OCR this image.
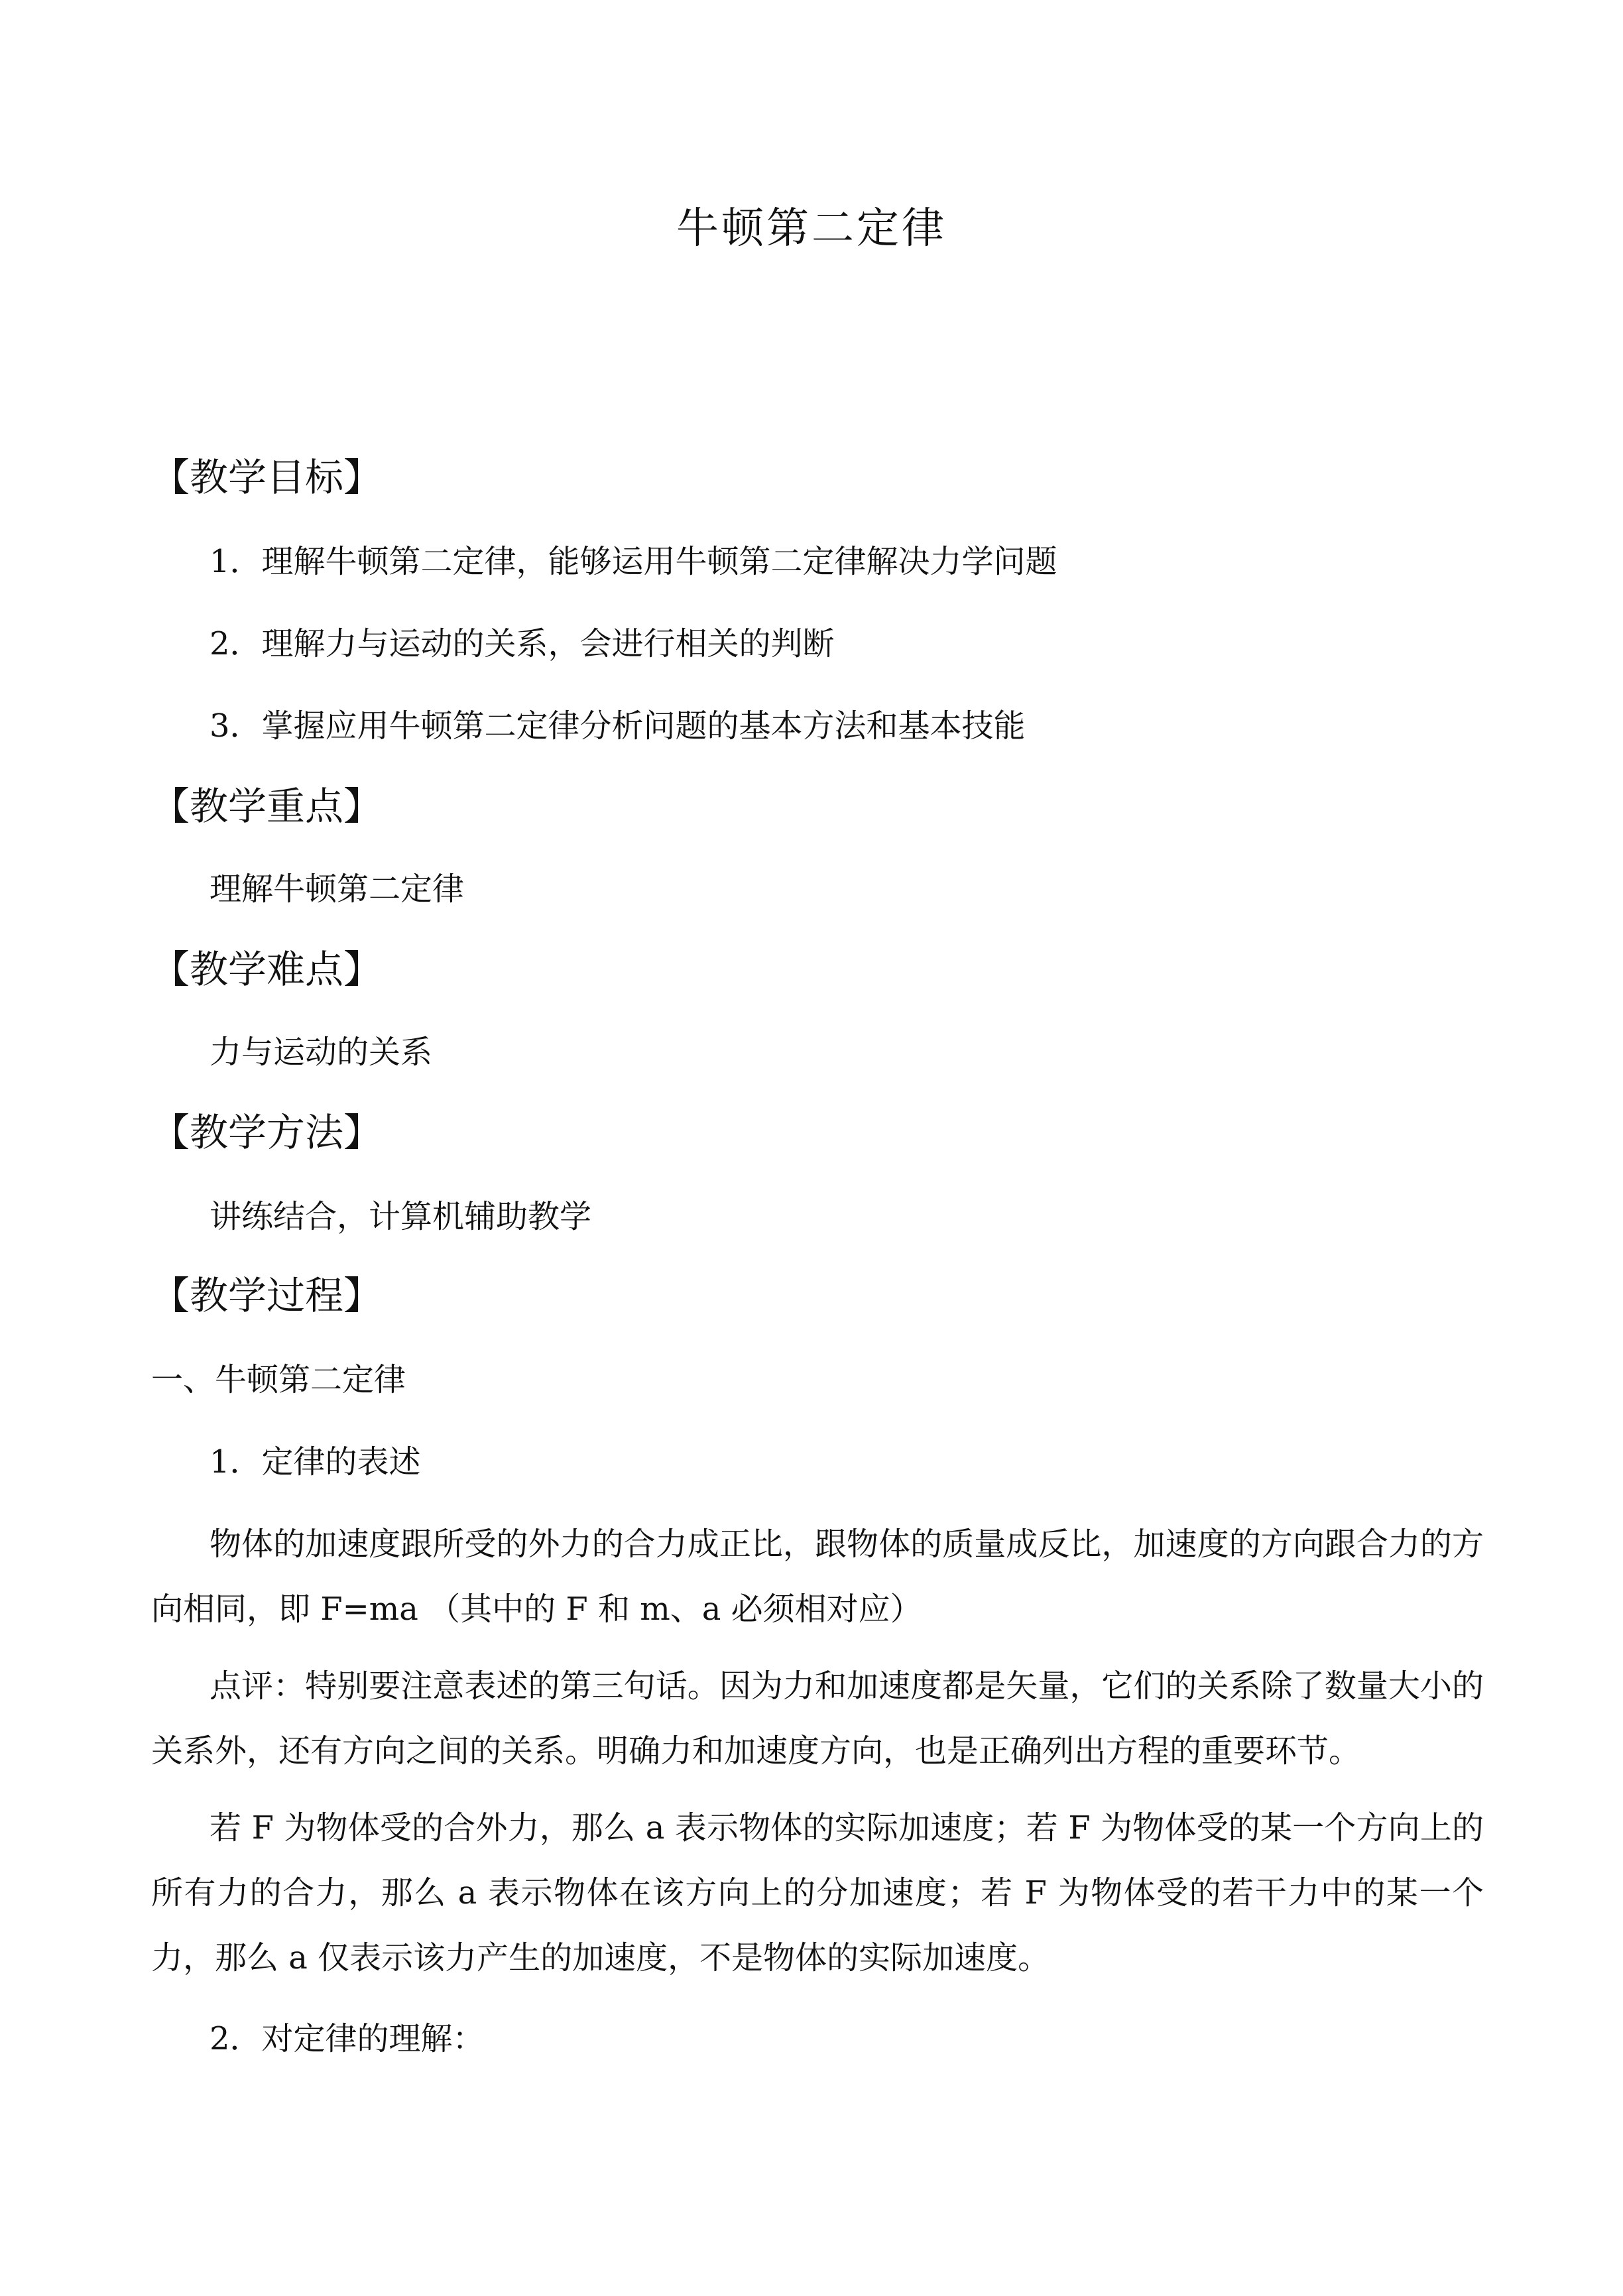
牛顿第二定律
【教学目标】
1．理解牛顿第二定律，能够运用牛顿第二定律解决力学问题
2．理解力与运动的关系，会进行相关的判断
3．掌握应用牛顿第二定律分析问题的基本方法和基本技能
【教学重点】
理解牛顿第二定律
【教学难点】
力与运动的关系
【教学方法】
讲练结合，计算机辅助教学
【教学过程】
一、牛顿第二定律
1．定律的表述
物体的加速度跟所受的外力的合力成正比，跟物体的质量成反比，加速度的方向跟合力的方向相同，即 F=ma （其中的 F 和 m、a 必须相对应）
点评：特别要注意表述的第三句话。因为力和加速度都是矢量，它们的关系除了数量大小的关系外，还有方向之间的关系。明确力和加速度方向，也是正确列出方程的重要环节。
若 F 为物体受的合外力，那么 a 表示物体的实际加速度；若 F 为物体受的某一个方向上的所有力的合力，那么 a 表示物体在该方向上的分加速度；若 F 为物体受的若干力中的某一个力，那么 a 仅表示该力产生的加速度，不是物体的实际加速度。
2．对定律的理解：
